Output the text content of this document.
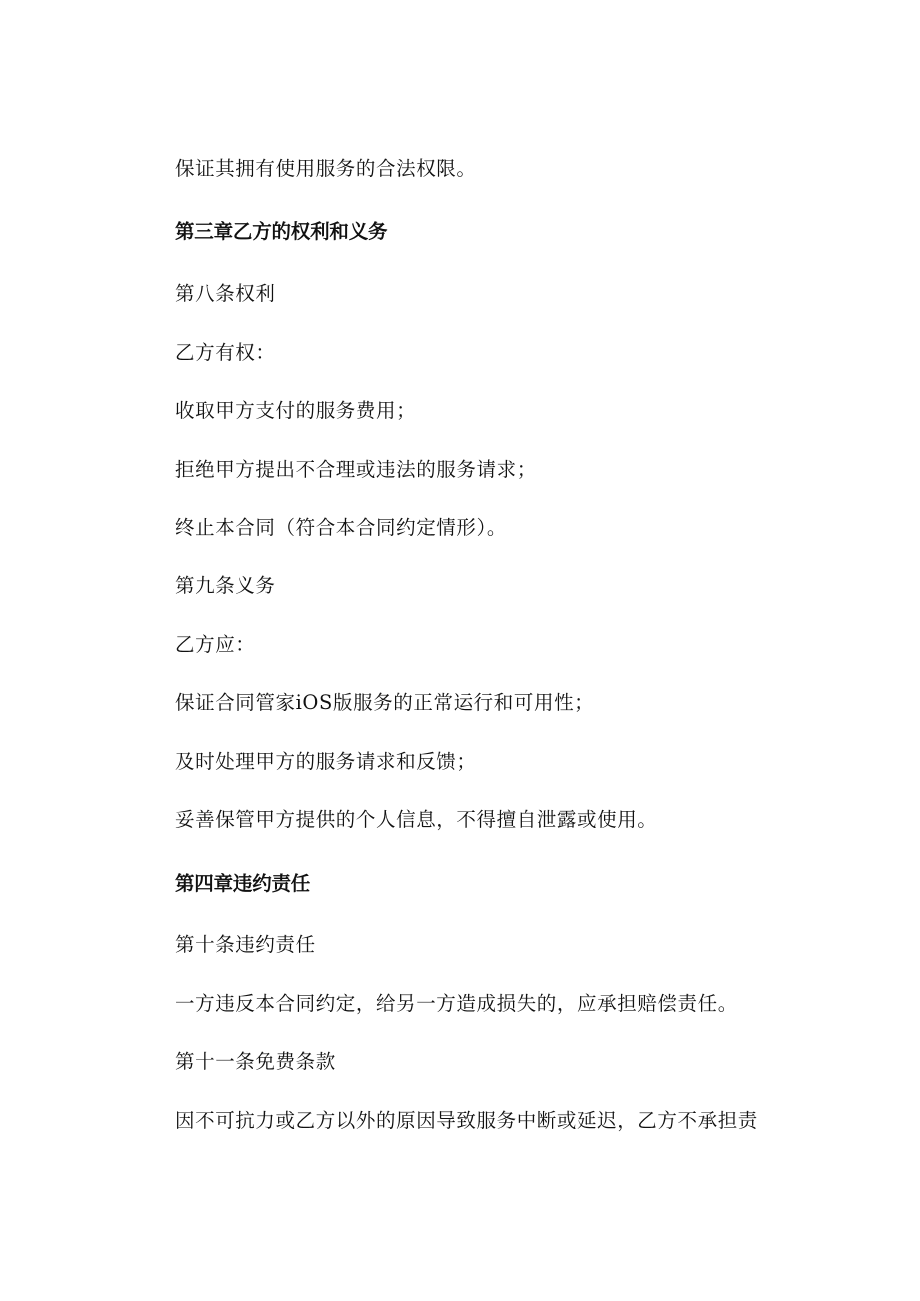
保证其拥有使用服务的合法权限。

第三章乙方的权利和义务

第八条权利

乙方有权：

收取甲方支付的服务费用；

拒绝甲方提出不合理或违法的服务请求；

终止本合同（符合本合同约定情形）。

第九条义务

乙方应：

保证合同管家iOS版服务的正常运行和可用性；

及时处理甲方的服务请求和反馈；

妥善保管甲方提供的个人信息，不得擅自泄露或使用。

第四章违约责任

第十条违约责任

一方违反本合同约定，给另一方造成损失的，应承担赔偿责任。

第十一条免费条款

因不可抗力或乙方以外的原因导致服务中断或延迟，乙方不承担责
